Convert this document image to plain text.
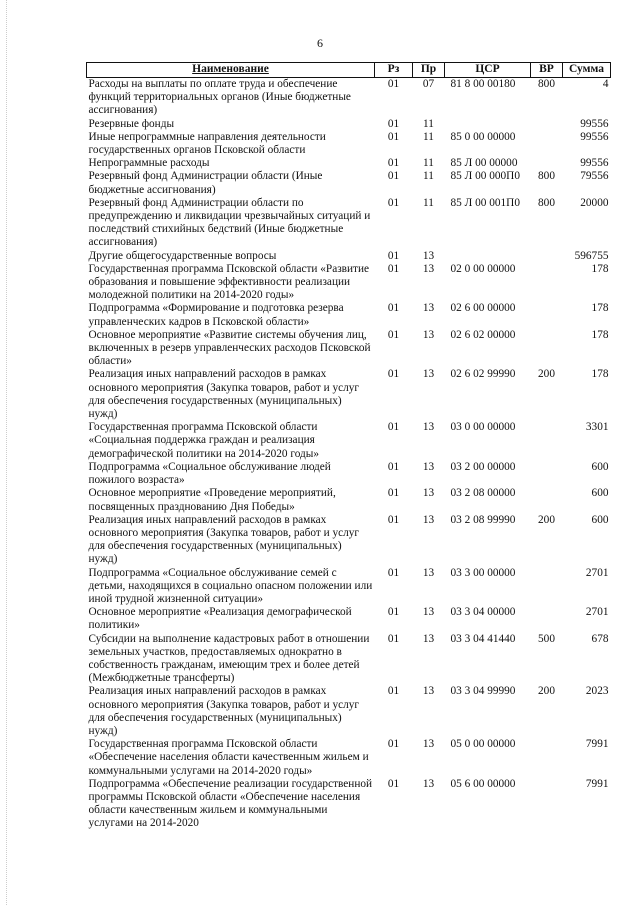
6
Наименование	Рз	Пр	ЦСР	ВР	Сумма
Расходы на выплаты по оплате труда и обеспечение функций территориальных органов (Иные бюджетные ассигнования)	01	07	81 8 00 00180	800	4
Резервные фонды	01	11			99556
Иные непрограммные направления деятельности государственных органов Псковской области	01	11	85 0 00 00000		99556
Непрограммные расходы	01	11	85 Л 00 00000		99556
Резервный фонд Администрации области (Иные бюджетные ассигнования)	01	11	85 Л 00 000П0	800	79556
Резервный фонд Администрации области по предупреждению и ликвидации чрезвычайных ситуаций и последствий стихийных бедствий (Иные бюджетные ассигнования)	01	11	85 Л 00 001П0	800	20000
Другие общегосударственные вопросы	01	13			596755
Государственная программа Псковской области «Развитие образования и повышение эффективности реализации молодежной политики на 2014-2020 годы»	01	13	02 0 00 00000		178
Подпрограмма «Формирование и подготовка резерва управленческих кадров в Псковской области»	01	13	02 6 00 00000		178
Основное мероприятие «Развитие системы обучения лиц, включенных в резерв управленческих расходов Псковской области»	01	13	02 6 02 00000		178
Реализация иных направлений расходов в рамках основного мероприятия (Закупка товаров, работ и услуг для обеспечения государственных (муниципальных) нужд)	01	13	02 6 02 99990	200	178
Государственная программа Псковской области «Социальная поддержка граждан и реализация демографической политики на 2014-2020 годы»	01	13	03 0 00 00000		3301
Подпрограмма «Социальное обслуживание людей пожилого возраста»	01	13	03 2 00 00000		600
Основное мероприятие «Проведение мероприятий, посвященных празднованию Дня Победы»	01	13	03 2 08 00000		600
Реализация иных направлений расходов в рамках основного мероприятия (Закупка товаров, работ и услуг для обеспечения государственных (муниципальных) нужд)	01	13	03 2 08 99990	200	600
Подпрограмма «Социальное обслуживание семей с детьми, находящихся в социально опасном положении или иной трудной жизненной ситуации»	01	13	03 3 00 00000		2701
Основное мероприятие «Реализация демографической политики»	01	13	03 3 04 00000		2701
Субсидии на выполнение кадастровых работ в отношении земельных участков, предоставляемых однократно в собственность гражданам, имеющим трех и более детей (Межбюджетные трансферты)	01	13	03 3 04 41440	500	678
Реализация иных направлений расходов в рамках основного мероприятия (Закупка товаров, работ и услуг для обеспечения государственных (муниципальных) нужд)	01	13	03 3 04 99990	200	2023
Государственная программа Псковской области «Обеспечение населения области качественным жильем и коммунальными услугами на 2014-2020 годы»	01	13	05 0 00 00000		7991
Подпрограмма «Обеспечение реализации государственной программы Псковской области «Обеспечение населения области качественным жильем и коммунальными услугами на 2014-2020	01	13	05 6 00 00000		7991
